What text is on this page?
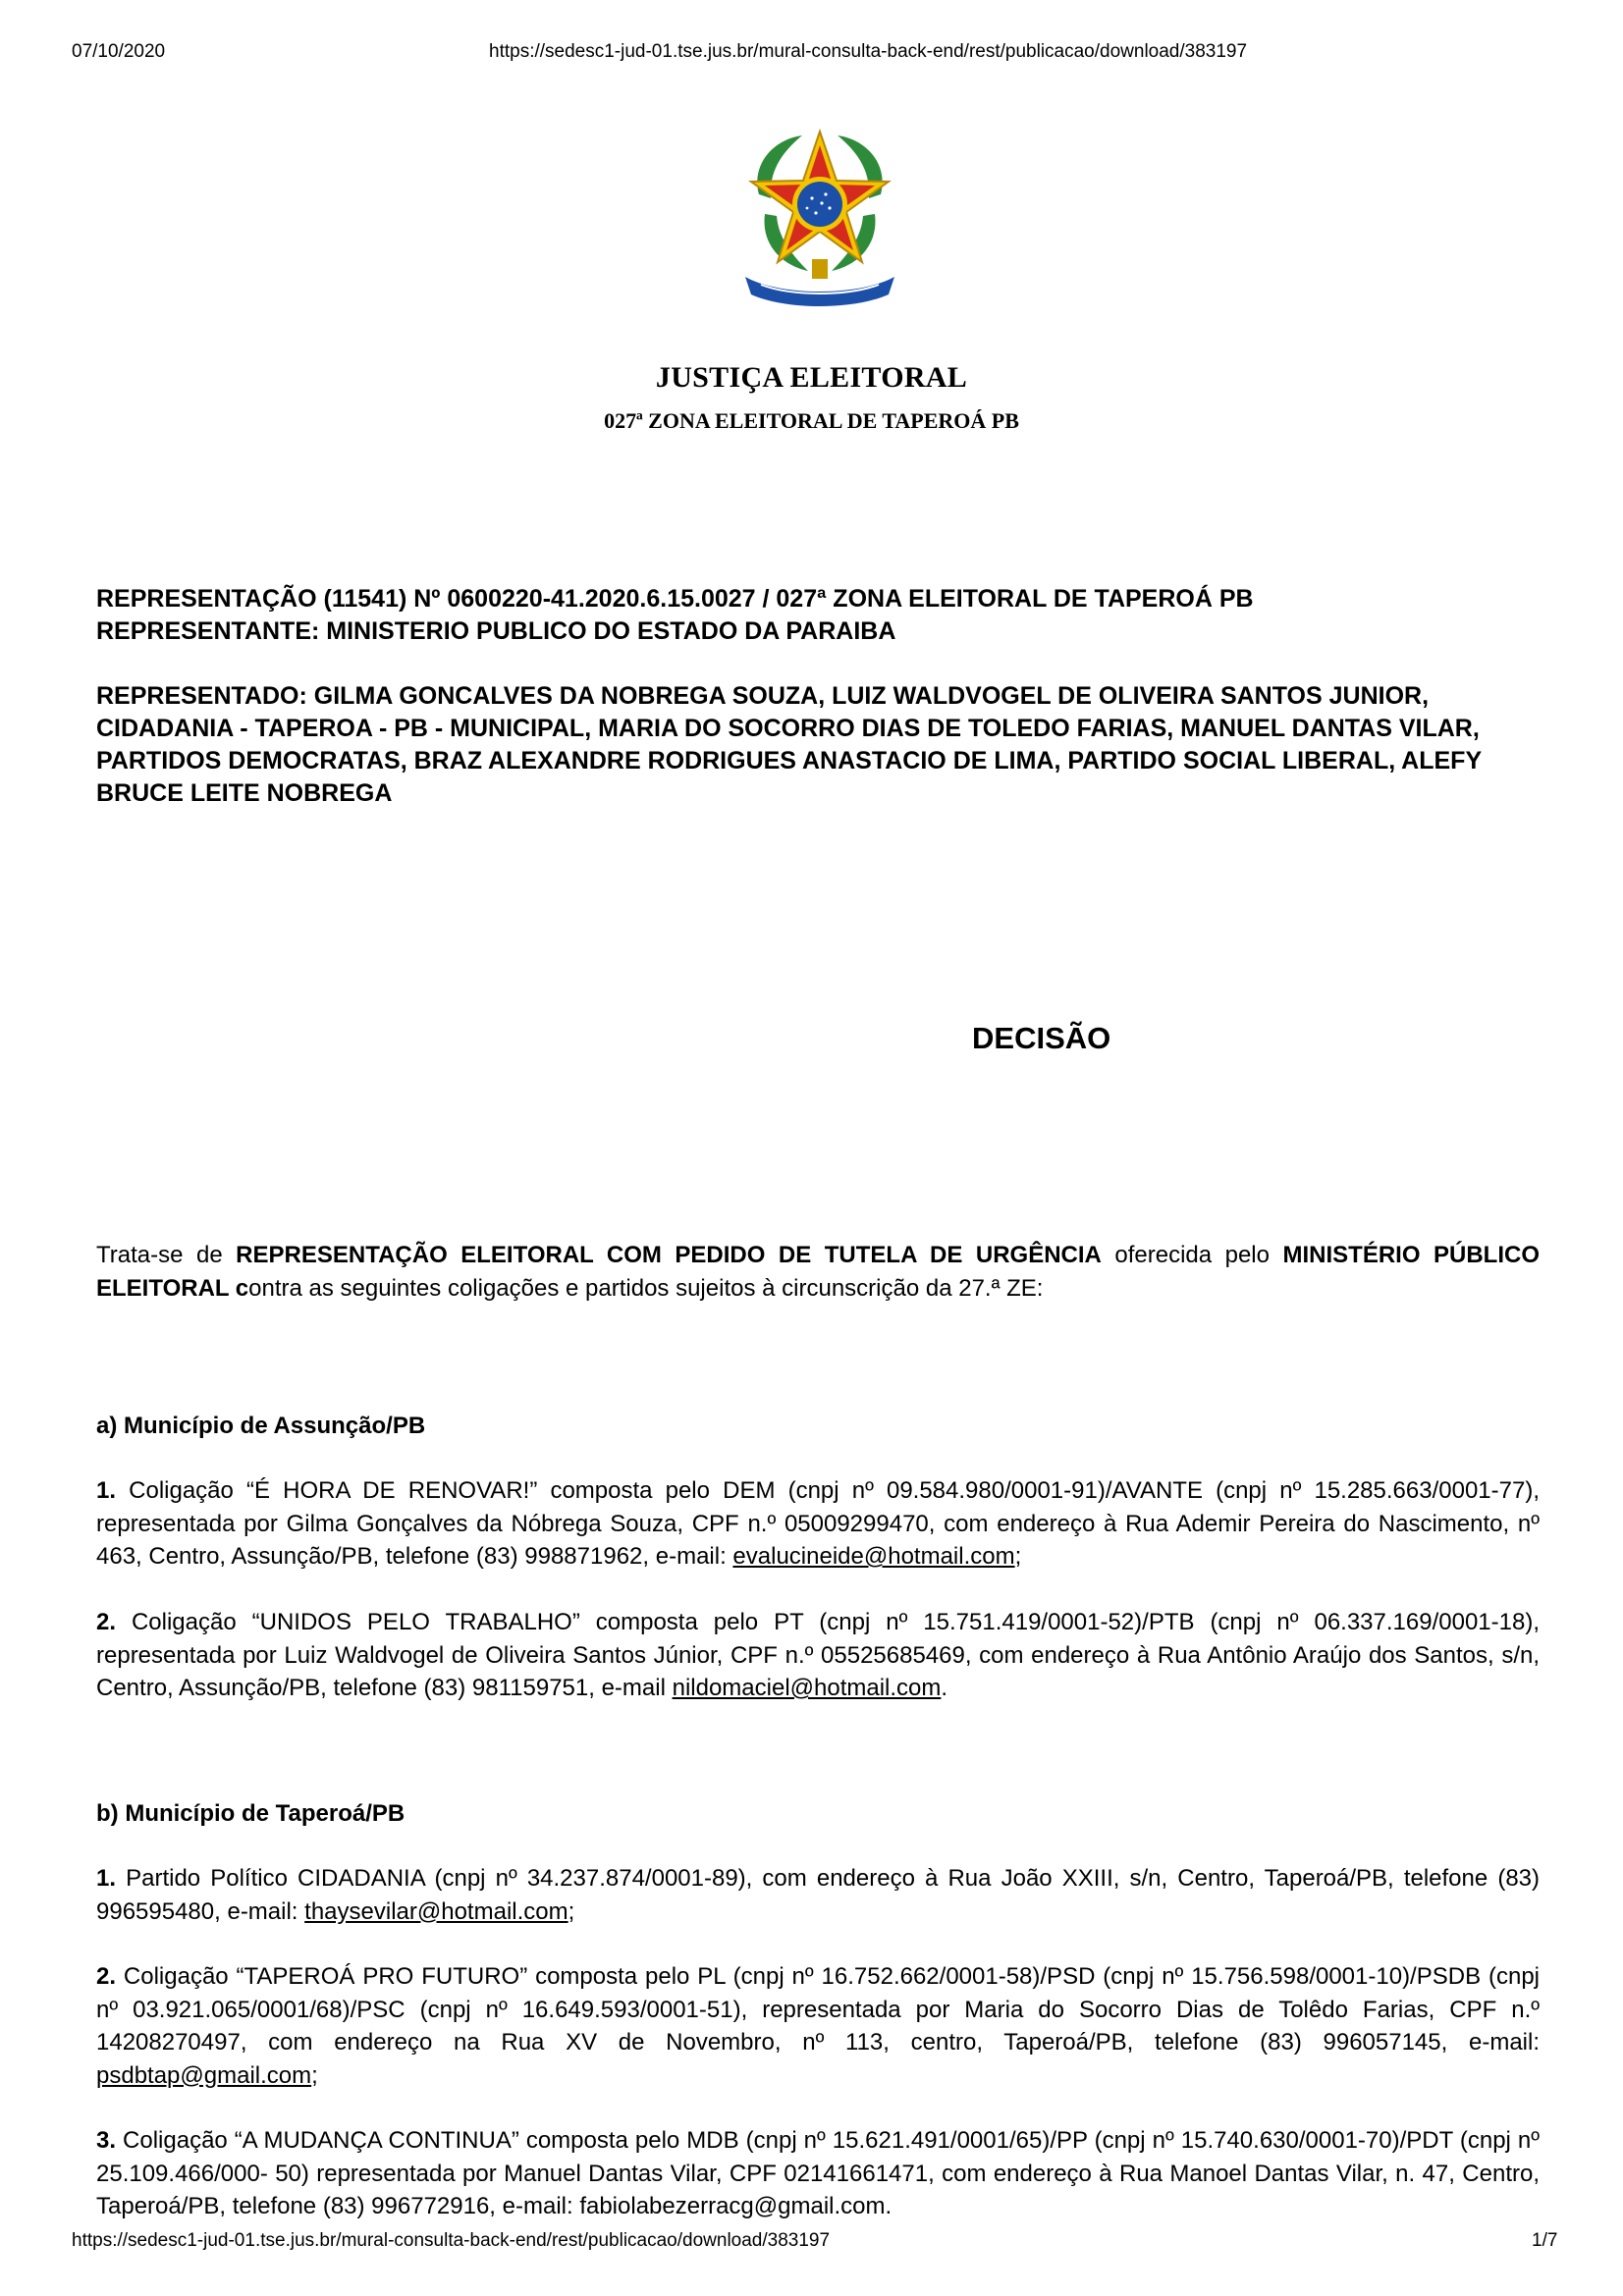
07/10/2020	https://sedesc1-jud-01.tse.jus.br/mural-consulta-back-end/rest/publicacao/download/383197
JUSTIÇA ELEITORAL
027ª ZONA ELEITORAL DE TAPEROÁ PB
REPRESENTAÇÃO (11541) Nº 0600220-41.2020.6.15.0027 / 027ª ZONA ELEITORAL DE TAPEROÁ PB
REPRESENTANTE: MINISTERIO PUBLICO DO ESTADO DA PARAIBA
REPRESENTADO: GILMA GONCALVES DA NOBREGA SOUZA, LUIZ WALDVOGEL DE OLIVEIRA SANTOS JUNIOR, CIDADANIA - TAPEROA - PB - MUNICIPAL, MARIA DO SOCORRO DIAS DE TOLEDO FARIAS, MANUEL DANTAS VILAR, PARTIDOS DEMOCRATAS, BRAZ ALEXANDRE RODRIGUES ANASTACIO DE LIMA, PARTIDO SOCIAL LIBERAL, ALEFY BRUCE LEITE NOBREGA
DECISÃO
Trata-se de REPRESENTAÇÃO ELEITORAL COM PEDIDO DE TUTELA DE URGÊNCIA oferecida pelo MINISTÉRIO PÚBLICO ELEITORAL contra as seguintes coligações e partidos sujeitos à circunscrição da 27.ª ZE:
a) Município de Assunção/PB
1. Coligação “É HORA DE RENOVAR!” composta pelo DEM (cnpj nº 09.584.980/0001-91)/AVANTE (cnpj nº 15.285.663/0001-77), representada por Gilma Gonçalves da Nóbrega Souza, CPF n.º 05009299470, com endereço à Rua Ademir Pereira do Nascimento, nº 463, Centro, Assunção/PB, telefone (83) 998871962, e-mail: evalucineide@hotmail.com;
2. Coligação “UNIDOS PELO TRABALHO” composta pelo PT (cnpj nº 15.751.419/0001-52)/PTB (cnpj nº 06.337.169/0001-18), representada por Luiz Waldvogel de Oliveira Santos Júnior, CPF n.º 05525685469, com endereço à Rua Antônio Araújo dos Santos, s/n, Centro, Assunção/PB, telefone (83) 981159751, e-mail nildomaciel@hotmail.com.
b) Município de Taperoá/PB
1. Partido Político CIDADANIA (cnpj nº 34.237.874/0001-89), com endereço à Rua João XXIII, s/n, Centro, Taperoá/PB, telefone (83) 996595480, e-mail: thaysevilar@hotmail.com;
2. Coligação “TAPEROÁ PRO FUTURO” composta pelo PL (cnpj nº 16.752.662/0001-58)/PSD (cnpj nº 15.756.598/0001-10)/PSDB (cnpj nº 03.921.065/0001/68)/PSC (cnpj nº 16.649.593/0001-51), representada por Maria do Socorro Dias de Tolêdo Farias, CPF n.º 14208270497, com endereço na Rua XV de Novembro, nº 113, centro, Taperoá/PB, telefone (83) 996057145, e-mail: psdbtap@gmail.com;
3. Coligação “A MUDANÇA CONTINUA” composta pelo MDB (cnpj nº 15.621.491/0001/65)/PP (cnpj nº 15.740.630/0001-70)/PDT (cnpj nº 25.109.466/000- 50) representada por Manuel Dantas Vilar, CPF 02141661471, com endereço à Rua Manoel Dantas Vilar, n. 47, Centro, Taperoá/PB, telefone (83) 996772916, e-mail: fabiolabezerracg@gmail.com.
https://sedesc1-jud-01.tse.jus.br/mural-consulta-back-end/rest/publicacao/download/383197	1/7
